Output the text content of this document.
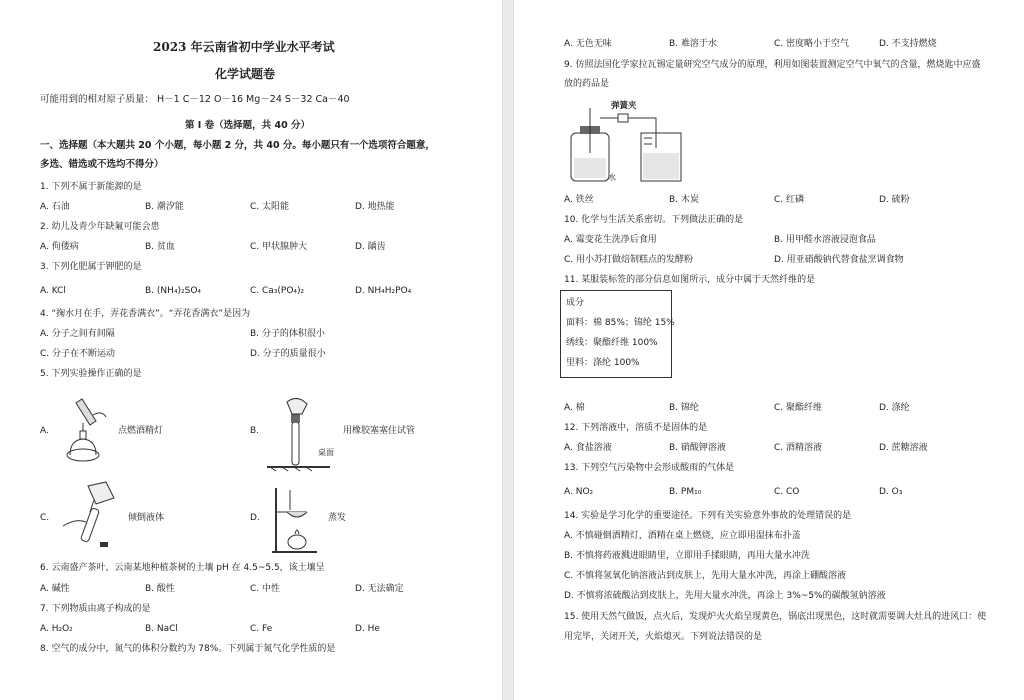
2023 年云南省初中学业水平考试
化学试题卷
可能用到的相对原子质量： H－1 C－12 O－16 Mg－24 S－32 Ca－40
第 I 卷（选择题，共 40 分）
一、选择题（本大题共 20 个小题，每小题 2 分，共 40 分。每小题只有一个选项符合题意，
多选、错选或不选均不得分）
1. 下列不属于新能源的是
A. 石油	B. 潮汐能	C. 太阳能	D. 地热能
2. 幼儿及青少年缺氟可能会患
A. 佝偻病	B. 贫血	C. 甲状腺肿大	D. 龋齿
3. 下列化肥属于钾肥的是
A. KCl	B. (NH₄)₂SO₄	C. Ca₃(PO₄)₂	D. NH₄H₂PO₄
4. “掬水月在手，弄花香满衣”。“弄花香满衣”是因为
A. 分子之间有间隔	B. 分子的体积很小
C. 分子在不断运动	D. 分子的质量很小
5. 下列实验操作正确的是
A.	点燃酒精灯	B.	用橡胶塞塞住试管
桌面
C.	倾倒液体	D.	蒸发
6. 云南盛产茶叶，云南某地种植茶树的土壤 pH 在 4.5~5.5，该土壤呈
A. 碱性	B. 酸性	C. 中性	D. 无法确定
7. 下列物质由离子构成的是
A. H₂O₂	B. NaCl	C. Fe	D. He
8. 空气的成分中，氮气的体积分数约为 78%。下列属于氮气化学性质的是
A. 无色无味	B. 难溶于水	C. 密度略小于空气	D. 不支持燃烧
9. 仿照法国化学家拉瓦锡定量研究空气成分的原理，利用如图装置测定空气中氧气的含量，燃烧匙中应盛
放的药品是
弹簧夹
水
A. 铁丝	B. 木炭	C. 红磷	D. 硫粉
10. 化学与生活关系密切。下列做法正确的是
A. 霉变花生洗净后食用	B. 用甲醛水溶液浸泡食品
C. 用小苏打做焙制糕点的发酵粉	D. 用亚硝酸钠代替食盐烹调食物
11. 某服装标签的部分信息如图所示，成分中属于天然纤维的是
成分
面料：棉 85%；锦纶 15%
绣线：聚酯纤维 100%
里料：涤纶 100%
A. 棉	B. 锦纶	C. 聚酯纤维	D. 涤纶
12. 下列溶液中，溶质不是固体的是
A. 食盐溶液	B. 硝酸钾溶液	C. 酒精溶液	D. 蔗糖溶液
13. 下列空气污染物中会形成酸雨的气体是
A. NO₂	B. PM₁₀	C. CO	D. O₃
14. 实验是学习化学的重要途径。下列有关实验意外事故的处理错误的是
A. 不慎碰倒酒精灯，酒精在桌上燃烧，应立即用湿抹布扑盖
B. 不慎将药液溅进眼睛里，立即用手揉眼睛，再用大量水冲洗
C. 不慎将氢氧化钠溶液沾到皮肤上，先用大量水冲洗，再涂上硼酸溶液
D. 不慎将浓硫酸沾到皮肤上，先用大量水冲洗，再涂上 3%~5%的碳酸氢钠溶液
15. 使用天然气做饭，点火后，发现炉火火焰呈现黄色，锅底出现黑色，这时就需要调大灶具的进风口：使
用完毕，关闭开关，火焰熄灭。下列说法错误的是
